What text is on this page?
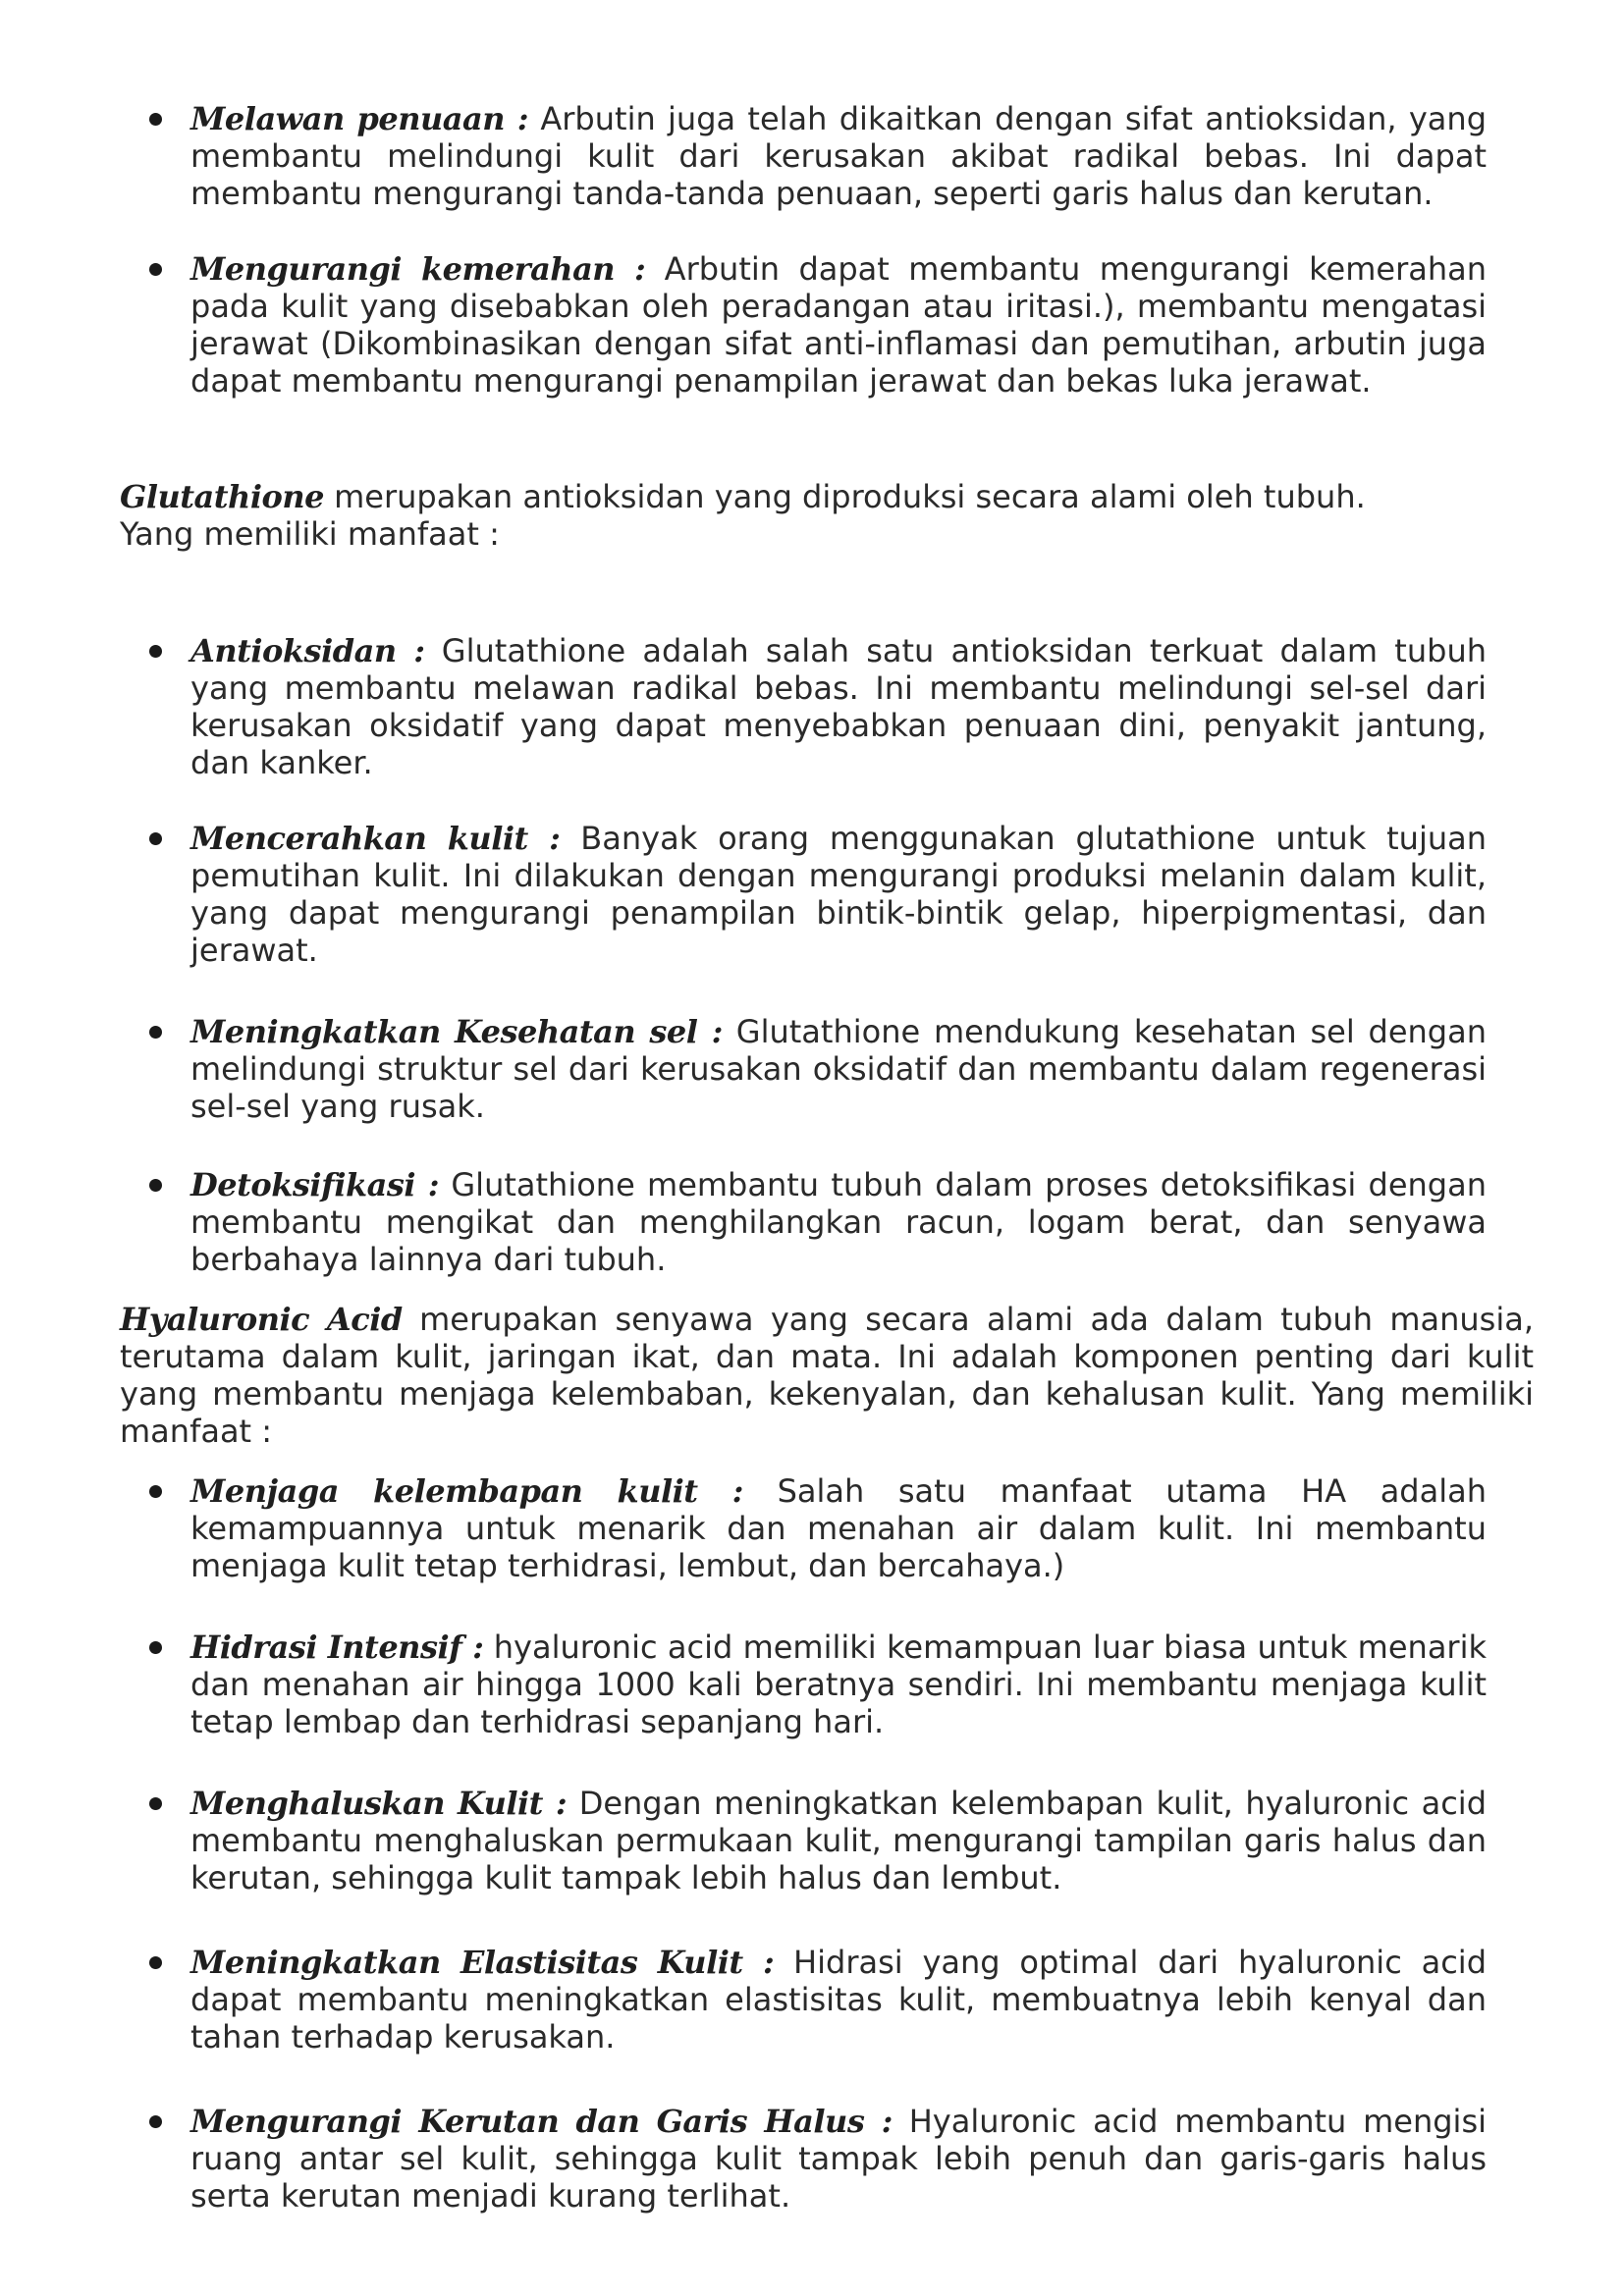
Melawan penuaan : Arbutin juga telah dikaitkan dengan sifat antioksidan, yang membantu melindungi kulit dari kerusakan akibat radikal bebas. Ini dapat membantu mengurangi tanda-tanda penuaan, seperti garis halus dan kerutan.
Mengurangi kemerahan : Arbutin dapat membantu mengurangi kemerahan pada kulit yang disebabkan oleh peradangan atau iritasi.), membantu mengatasi jerawat (Dikombinasikan dengan sifat anti-inflamasi dan pemutihan, arbutin juga dapat membantu mengurangi penampilan jerawat dan bekas luka jerawat.

Glutathione merupakan antioksidan yang diproduksi secara alami oleh tubuh.

Yang memiliki manfaat :

Antioksidan : Glutathione adalah salah satu antioksidan terkuat dalam tubuh yang membantu melawan radikal bebas. Ini membantu melindungi sel-sel dari kerusakan oksidatif yang dapat menyebabkan penuaan dini, penyakit jantung, dan kanker.
Mencerahkan kulit : Banyak orang menggunakan glutathione untuk tujuan pemutihan kulit. Ini dilakukan dengan mengurangi produksi melanin dalam kulit, yang dapat mengurangi penampilan bintik-bintik gelap, hiperpigmentasi, dan jerawat.
Meningkatkan Kesehatan sel : Glutathione mendukung kesehatan sel dengan melindungi struktur sel dari kerusakan oksidatif dan membantu dalam regenerasi sel-sel yang rusak.
Detoksifikasi : Glutathione membantu tubuh dalam proses detoksifikasi dengan membantu mengikat dan menghilangkan racun, logam berat, dan senyawa berbahaya lainnya dari tubuh.

Hyaluronic Acid merupakan senyawa yang secara alami ada dalam tubuh manusia, terutama dalam kulit, jaringan ikat, dan mata. Ini adalah komponen penting dari kulit yang membantu menjaga kelembaban, kekenyalan, dan kehalusan kulit. Yang memiliki manfaat :

Menjaga kelembapan kulit : Salah satu manfaat utama HA adalah kemampuannya untuk menarik dan menahan air dalam kulit. Ini membantu menjaga kulit tetap terhidrasi, lembut, dan bercahaya.)
Hidrasi Intensif : hyaluronic acid memiliki kemampuan luar biasa untuk menarik dan menahan air hingga 1000 kali beratnya sendiri. Ini membantu menjaga kulit tetap lembap dan terhidrasi sepanjang hari.
Menghaluskan Kulit : Dengan meningkatkan kelembapan kulit, hyaluronic acid membantu menghaluskan permukaan kulit, mengurangi tampilan garis halus dan kerutan, sehingga kulit tampak lebih halus dan lembut.
Meningkatkan Elastisitas Kulit : Hidrasi yang optimal dari hyaluronic acid dapat membantu meningkatkan elastisitas kulit, membuatnya lebih kenyal dan tahan terhadap kerusakan.
Mengurangi Kerutan dan Garis Halus : Hyaluronic acid membantu mengisi ruang antar sel kulit, sehingga kulit tampak lebih penuh dan garis-garis halus serta kerutan menjadi kurang terlihat.
